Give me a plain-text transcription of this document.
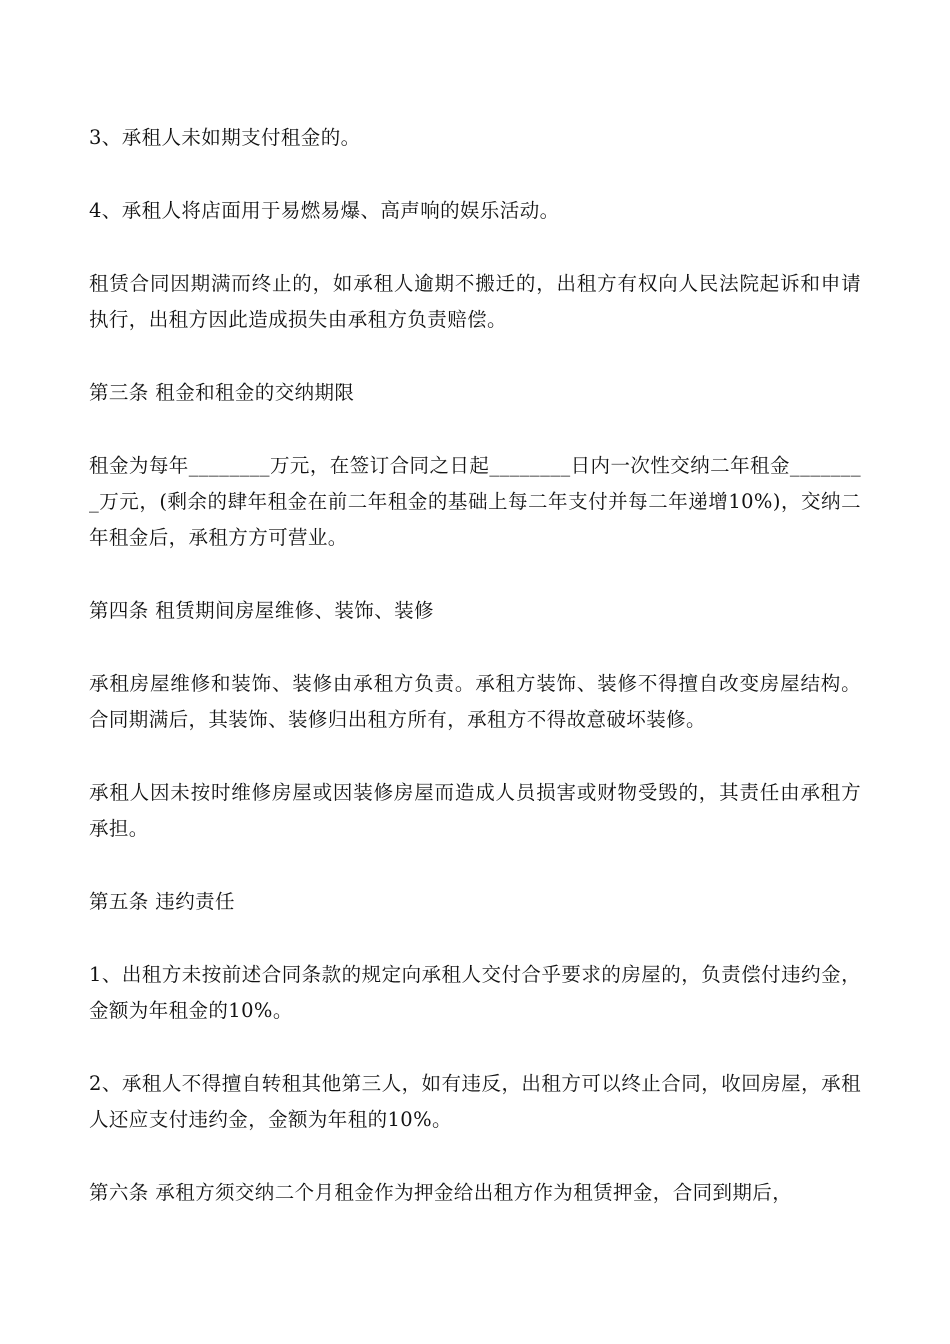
3、承租人未如期支付租金的。

4、承租人将店面用于易燃易爆、高声响的娱乐活动。

租赁合同因期满而终止的，如承租人逾期不搬迁的，出租方有权向人民法院起诉和申请执行，出租方因此造成损失由承租方负责赔偿。

第三条 租金和租金的交纳期限

租金为每年________万元，在签订合同之日起________日内一次性交纳二年租金________万元，(剩余的肆年租金在前二年租金的基础上每二年支付并每二年递增10%)，交纳二年租金后，承租方方可营业。

第四条 租赁期间房屋维修、装饰、装修

承租房屋维修和装饰、装修由承租方负责。承租方装饰、装修不得擅自改变房屋结构。合同期满后，其装饰、装修归出租方所有，承租方不得故意破坏装修。

承租人因未按时维修房屋或因装修房屋而造成人员损害或财物受毁的，其责任由承租方承担。

第五条 违约责任

1、出租方未按前述合同条款的规定向承租人交付合乎要求的房屋的，负责偿付违约金，金额为年租金的10%。

2、承租人不得擅自转租其他第三人，如有违反，出租方可以终止合同，收回房屋，承租人还应支付违约金，金额为年租的10%。

第六条 承租方须交纳二个月租金作为押金给出租方作为租赁押金，合同到期后，
